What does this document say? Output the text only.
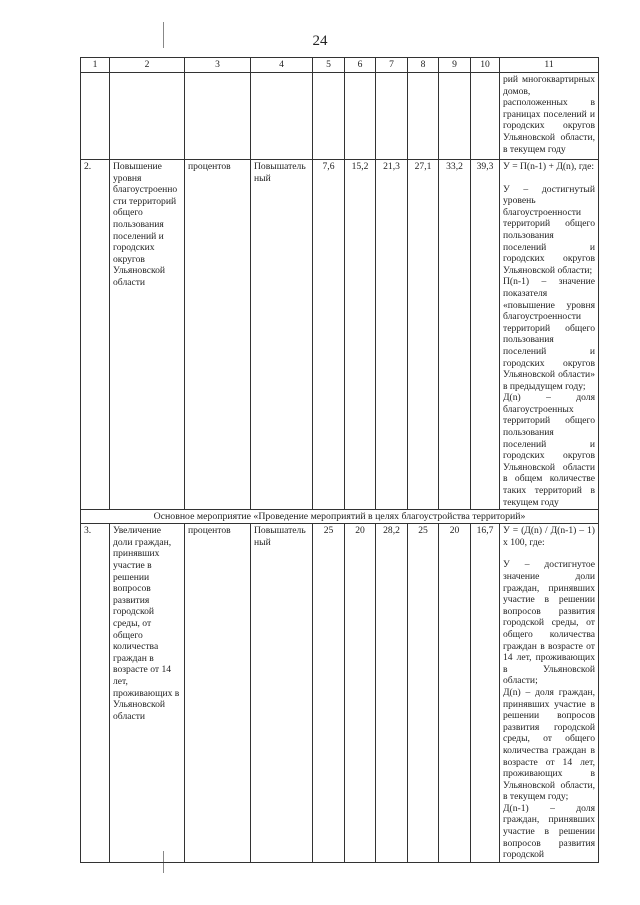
24
1	2	3	4	5	6	7	8	9	10	11
										рий многоквартирных домов, расположенных в границах поселений и городских округов Ульяновской области, в текущем году
2.	Повышение уровня благоустроенности территорий общего пользования поселений и городских округов Ульяновской области	процентов	Повышательный	7,6	15,2	21,3	27,1	33,2	39,3	У = П(n-1) + Д(n), где:
У – достигнутый уровень благоустроенности территорий общего пользования поселений и городских округов Ульяновской области;
П(n-1) – значение показателя «повышение уровня благоустроенности территорий общего пользования поселений и городских округов Ульяновской области» в предыдущем году;
Д(n) – доля благоустроенных территорий общего пользования поселений и городских округов Ульяновской области в общем количестве таких территорий в текущем году

Основное мероприятие «Проведение мероприятий в целях благоустройства территорий»										
3.	Увеличение доли граждан, принявших участие в решении вопросов развития городской среды, от общего количества граждан в возрасте от 14 лет, проживающих в Ульяновской области	процентов	Повышательный	25	20	28,2	25	20	16,7	У = (Д(n) / Д(n-1) – 1) x 100, где:
У – достигнутое значение доли граждан, принявших участие в решении вопросов развития городской среды, от общего количества граждан в возрасте от 14 лет, проживающих в Ульяновской области;
Д(n) – доля граждан, принявших участие в решении вопросов развития городской среды, от общего количества граждан в возрасте от 14 лет, проживающих в Ульяновской области, в текущем году;
Д(n-1) – доля граждан, принявших участие в решении вопросов развития городской
